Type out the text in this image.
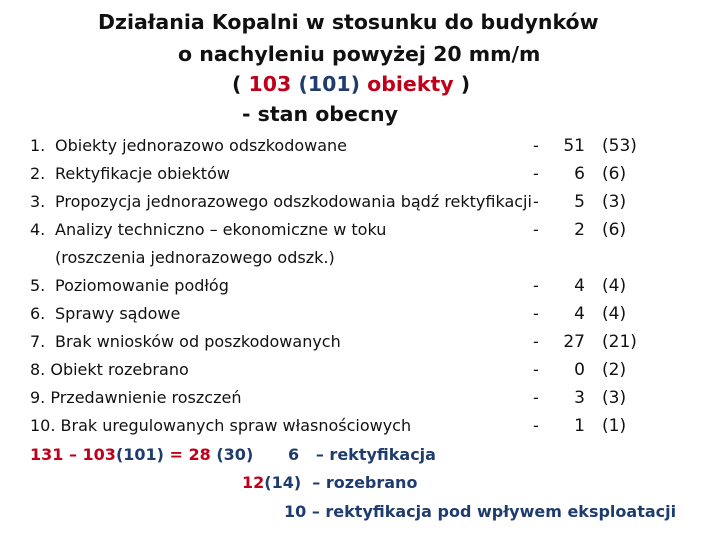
Działania Kopalni w stosunku do budynków
o nachyleniu powyżej 20 mm/m
( 103 (101) obiekty )
- stan obecny
1. Obiekty jednorazowo odszkodowane	-	51 (53)
2. Rektyfikacje obiektów	-	6 (6)
3. Propozycja jednorazowego odszkodowania bądź rektyfikacji -	5 (3)
4. Analizy techniczno – ekonomiczne w toku	-	2 (6)
(roszczenia jednorazowego odszk.)
5. Poziomowanie podłóg	-	4 (4)
6. Sprawy sądowe	-	4 (4)
7. Brak wniosków od poszkodowanych	-	27 (21)
8. Obiekt rozebrano	-	0 (2)
9. Przedawnienie roszczeń	-	3 (3)
10. Brak uregulowanych spraw własnościowych	-	1 (1)
131 – 103(101) = 28 (30) 6 – rektyfikacja
12(14) – rozebrano
10 – rektyfikacja pod wpływem eksploatacji
